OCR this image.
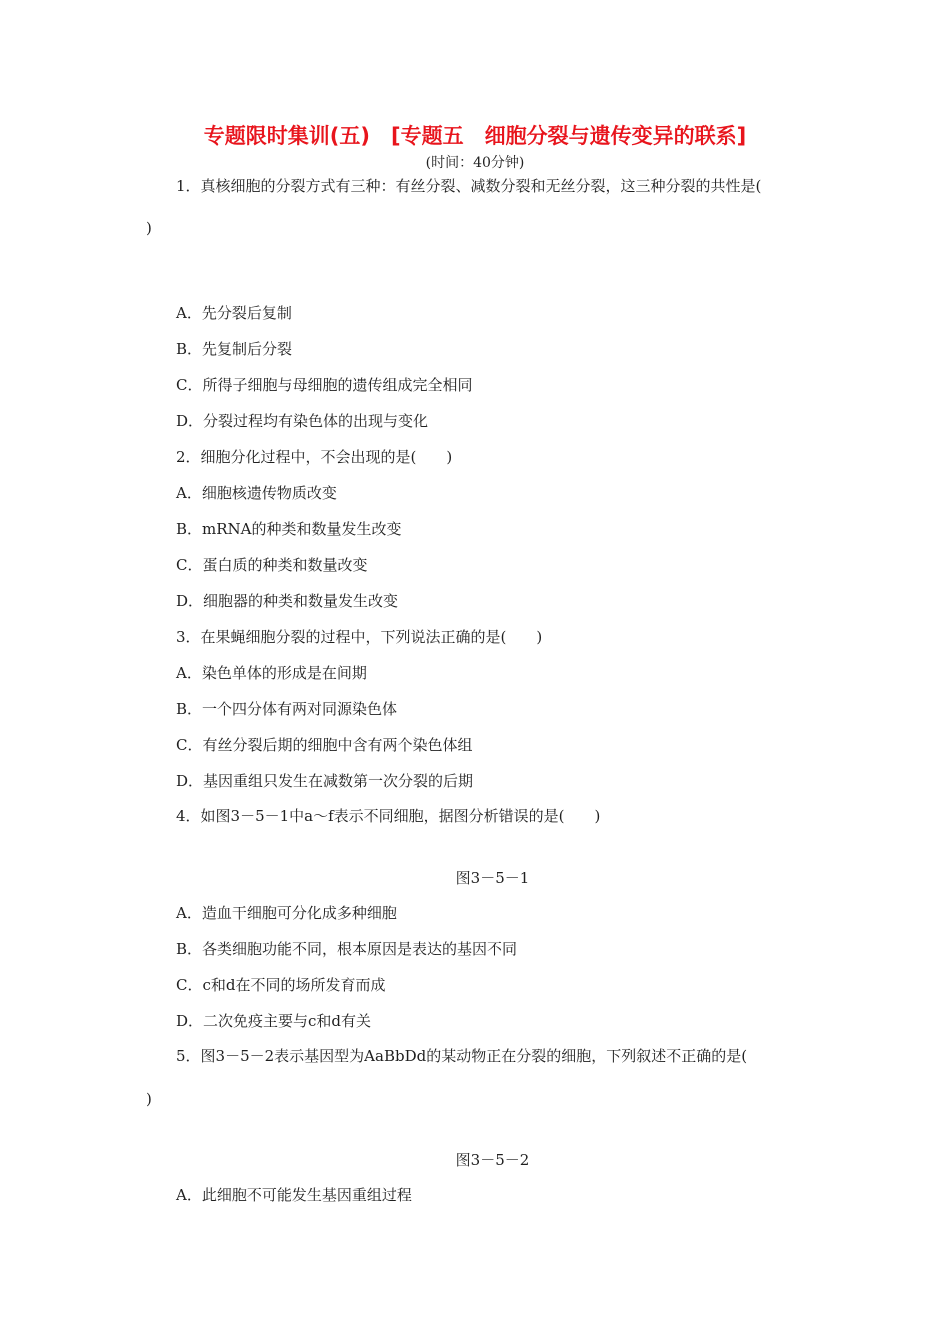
专题限时集训(五)　[专题五　细胞分裂与遗传变异的联系]
(时间：40分钟)
1．真核细胞的分裂方式有三种：有丝分裂、减数分裂和无丝分裂，这三种分裂的共性是(
)
A．先分裂后复制
B．先复制后分裂
C．所得子细胞与母细胞的遗传组成完全相同
D．分裂过程均有染色体的出现与变化
2．细胞分化过程中，不会出现的是(　　)
A．细胞核遗传物质改变
B．mRNA的种类和数量发生改变
C．蛋白质的种类和数量改变
D．细胞器的种类和数量发生改变
3．在果蝇细胞分裂的过程中，下列说法正确的是(　　)
A．染色单体的形成是在间期
B．一个四分体有两对同源染色体
C．有丝分裂后期的细胞中含有两个染色体组
D．基因重组只发生在减数第一次分裂的后期
4．如图3－5－1中a～f表示不同细胞，据图分析错误的是(　　)
图3－5－1
A．造血干细胞可分化成多种细胞
B．各类细胞功能不同，根本原因是表达的基因不同
C．c和d在不同的场所发育而成
D．二次免疫主要与c和d有关
5．图3－5－2表示基因型为AaBbDd的某动物正在分裂的细胞，下列叙述不正确的是(
)
图3－5－2
A．此细胞不可能发生基因重组过程
